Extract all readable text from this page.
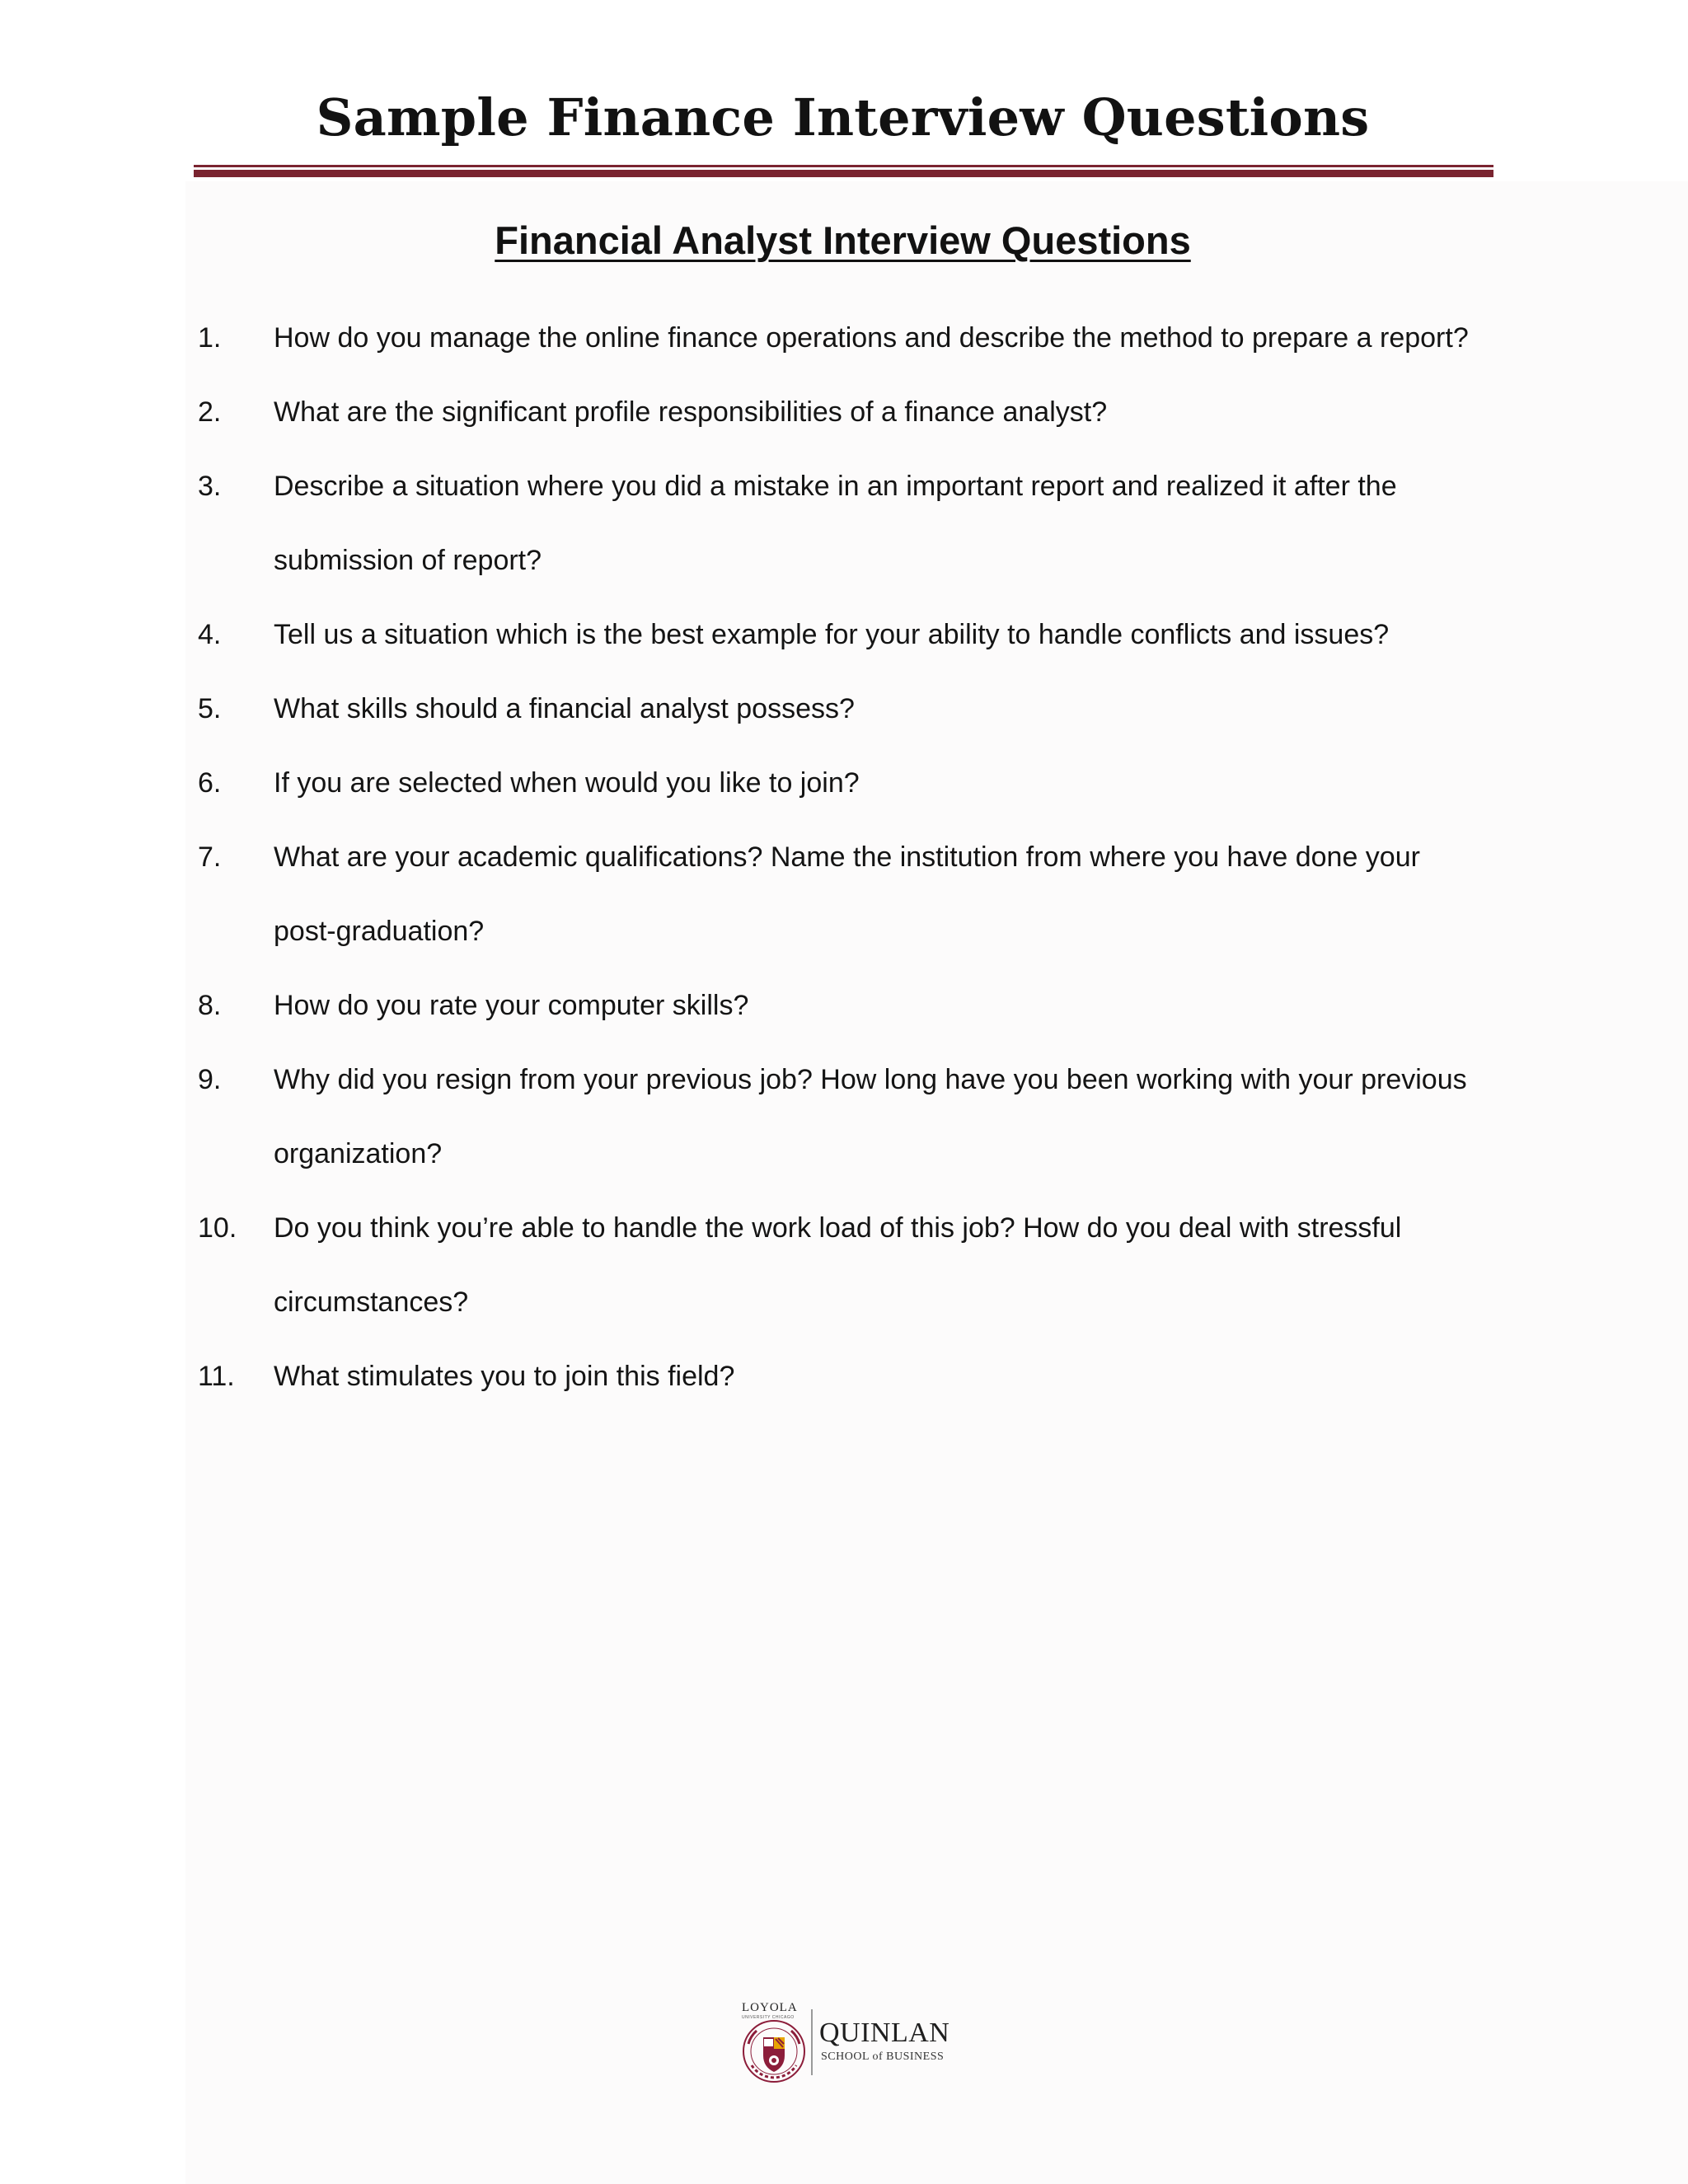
Sample Finance Interview Questions
Financial Analyst Interview Questions
1. How do you manage the online finance operations and describe the method to prepare a report?
2. What are the significant profile responsibilities of a finance analyst?
3. Describe a situation where you did a mistake in an important report and realized it after the
submission of report?
4. Tell us a situation which is the best example for your ability to handle conflicts and issues?
5. What skills should a financial analyst possess?
6. If you are selected when would you like to join?
7. What are your academic qualifications? Name the institution from where you have done your
post-graduation?
8. How do you rate your computer skills?
9. Why did you resign from your previous job? How long have you been working with your previous
organization?
10. Do you think you’re able to handle the work load of this job? How do you deal with stressful
circumstances?
11. What stimulates you to join this field?
LOYOLA
UNIVERSITY CHICAGO QUINLAN
SCHOOL of BUSINESS
